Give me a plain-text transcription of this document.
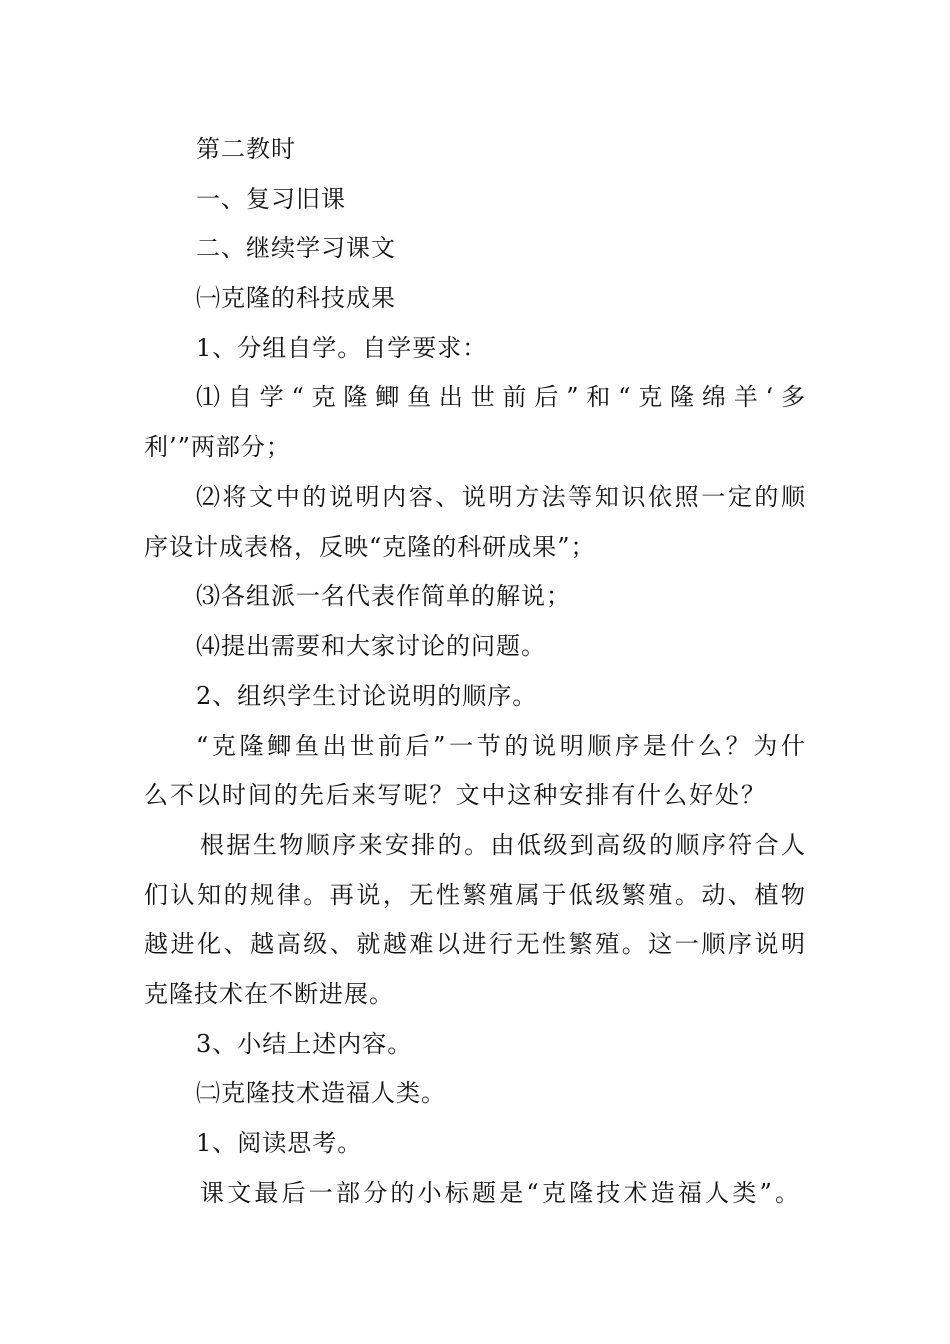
第二教时
一、复习旧课
二、继续学习课文
㈠克隆的科技成果
1、分组自学。自学要求：
⑴自学“克隆鲫鱼出世前后”和“克隆绵羊‘多
利’”两部分；
⑵将文中的说明内容、说明方法等知识依照一定的顺
序设计成表格，反映“克隆的科研成果”；
⑶各组派一名代表作简单的解说；
⑷提出需要和大家讨论的问题。
2、组织学生讨论说明的顺序。
“克隆鲫鱼出世前后”一节的说明顺序是什么？为什
么不以时间的先后来写呢？文中这种安排有什么好处？
根据生物顺序来安排的。由低级到高级的顺序符合人
们认知的规律。再说，无性繁殖属于低级繁殖。动、植物
越进化、越高级、就越难以进行无性繁殖。这一顺序说明
克隆技术在不断进展。
3、小结上述内容。
㈡克隆技术造福人类。
1、阅读思考。
课文最后一部分的小标题是“克隆技术造福人类”。
